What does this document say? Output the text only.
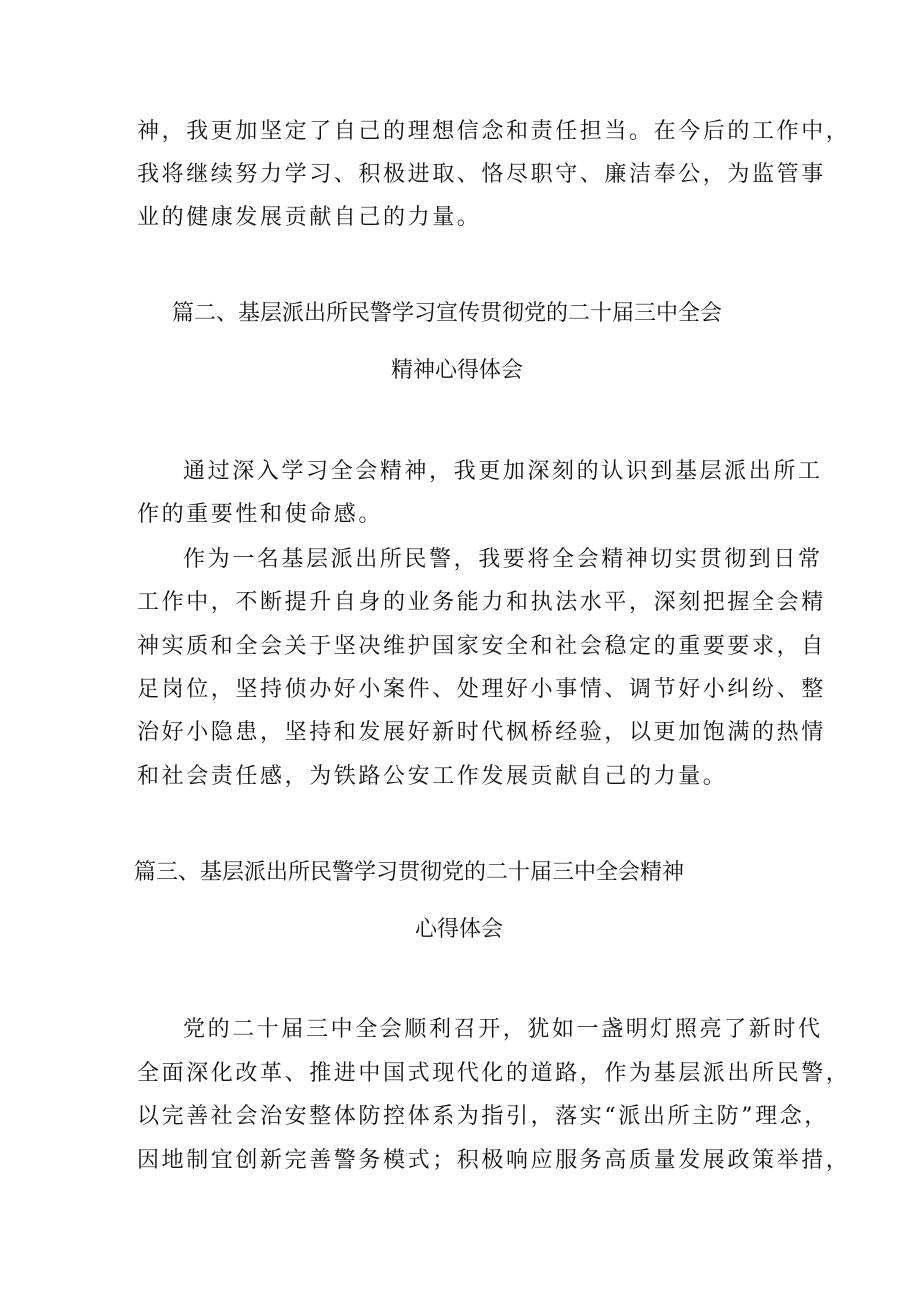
神，我更加坚定了自己的理想信念和责任担当。在今后的工作中，
我将继续努力学习、积极进取、恪尽职守、廉洁奉公，为监管事
业的健康发展贡献自己的力量。
篇二、基层派出所民警学习宣传贯彻党的二十届三中全会
精神心得体会
通过深入学习全会精神，我更加深刻的认识到基层派出所工
作的重要性和使命感。
作为一名基层派出所民警，我要将全会精神切实贯彻到日常
工作中，不断提升自身的业务能力和执法水平，深刻把握全会精
神实质和全会关于坚决维护国家安全和社会稳定的重要要求，自
足岗位，坚持侦办好小案件、处理好小事情、调节好小纠纷、整
治好小隐患，坚持和发展好新时代枫桥经验，以更加饱满的热情
和社会责任感，为铁路公安工作发展贡献自己的力量。
篇三、基层派出所民警学习贯彻党的二十届三中全会精神
心得体会
党的二十届三中全会顺利召开，犹如一盏明灯照亮了新时代
全面深化改革、推进中国式现代化的道路，作为基层派出所民警，
以完善社会治安整体防控体系为指引，落实“派出所主防”理念，
因地制宜创新完善警务模式；积极响应服务高质量发展政策举措，
